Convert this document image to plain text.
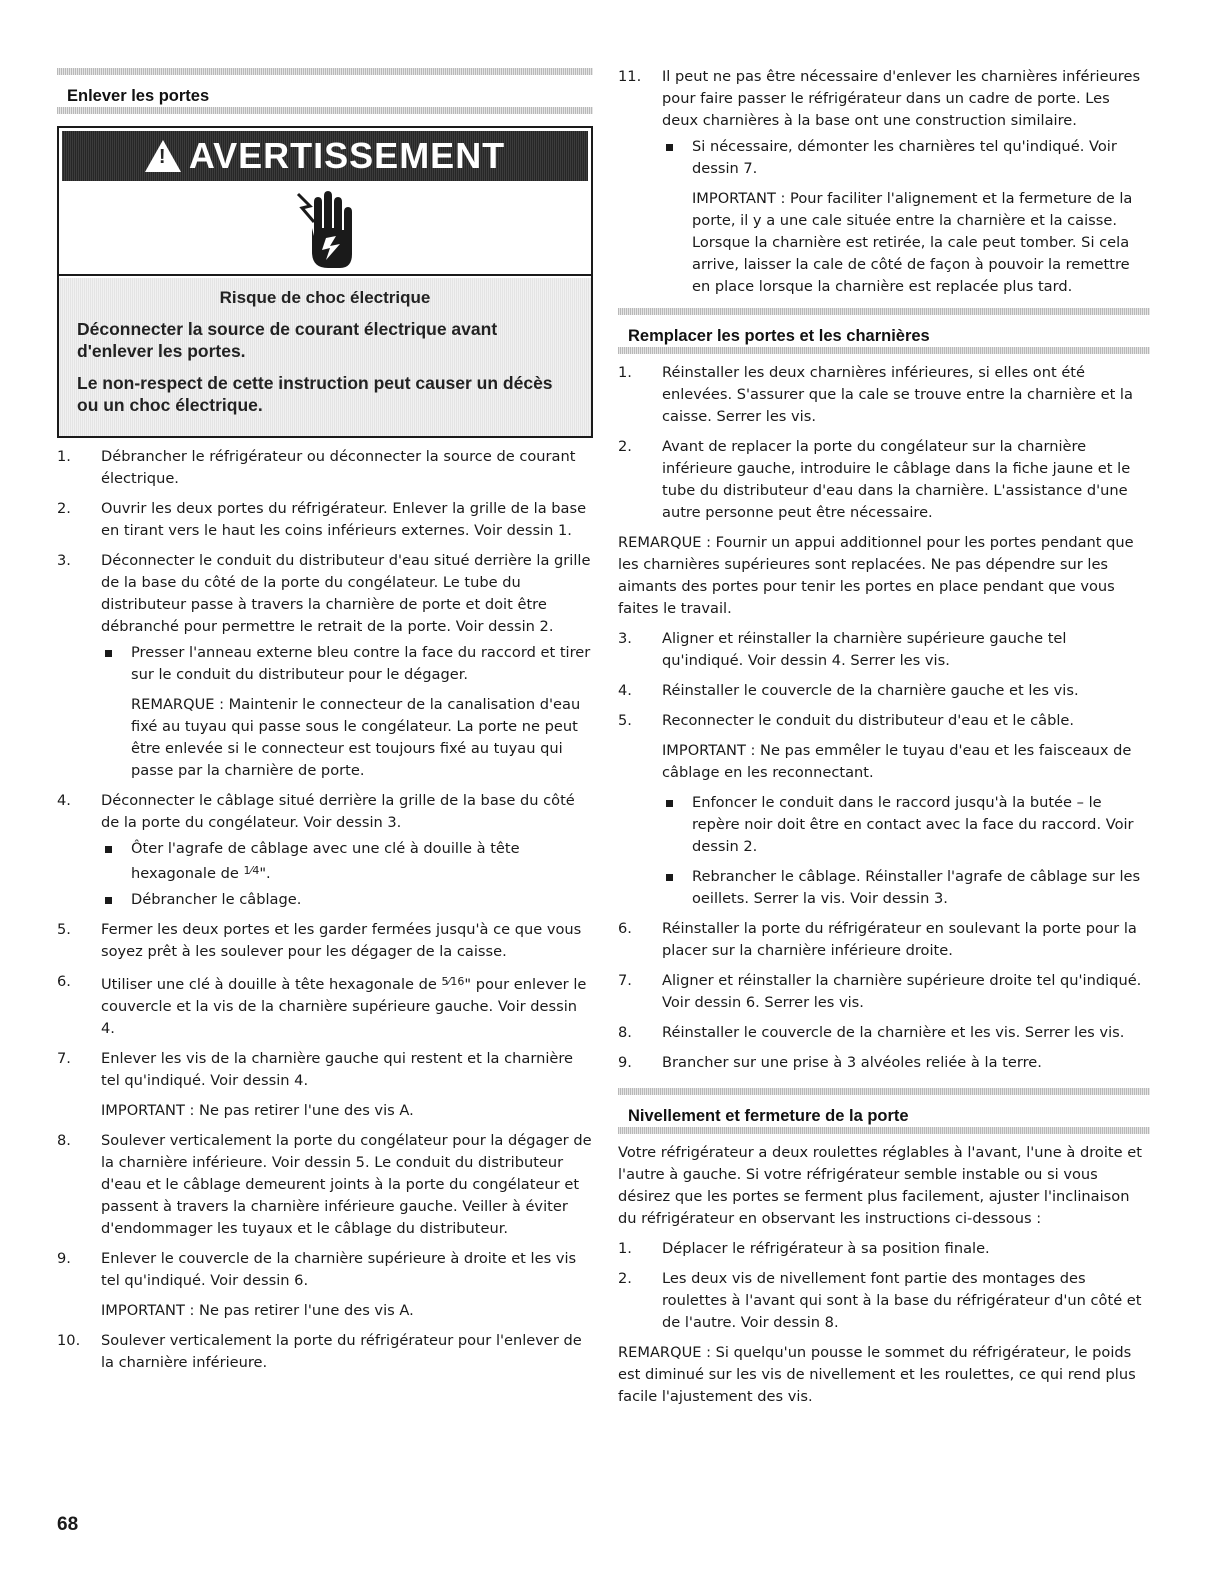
Enlever les portes
! AVERTISSEMENT
Risque de choc électrique
Déconnecter la source de courant électrique avant d'enlever les portes.
Le non-respect de cette instruction peut causer un décès ou un choc électrique.
1. Débrancher le réfrigérateur ou déconnecter la source de courant électrique.
2. Ouvrir les deux portes du réfrigérateur. Enlever la grille de la base en tirant vers le haut les coins inférieurs externes. Voir dessin 1.
3. Déconnecter le conduit du distributeur d'eau situé derrière la grille de la base du côté de la porte du congélateur. Le tube du distributeur passe à travers la charnière de porte et doit être débranché pour permettre le retrait de la porte. Voir dessin 2.
Presser l'anneau externe bleu contre la face du raccord et tirer sur le conduit du distributeur pour le dégager.
REMARQUE : Maintenir le connecteur de la canalisation d'eau fixé au tuyau qui passe sous le congélateur. La porte ne peut être enlevée si le connecteur est toujours fixé au tuyau qui passe par la charnière de porte.
4. Déconnecter le câblage situé derrière la grille de la base du côté de la porte du congélateur. Voir dessin 3.
Ôter l'agrafe de câblage avec une clé à douille à tête hexagonale de $^{1⁄4}$".
Débrancher le câblage.
5. Fermer les deux portes et les garder fermées jusqu'à ce que vous soyez prêt à les soulever pour les dégager de la caisse.
6. Utiliser une clé à douille à tête hexagonale de $^{5⁄16}$" pour enlever le couvercle et la vis de la charnière supérieure gauche. Voir dessin 4.
7. Enlever les vis de la charnière gauche qui restent et la charnière tel qu'indiqué. Voir dessin 4.
IMPORTANT : Ne pas retirer l'une des vis A.
8. Soulever verticalement la porte du congélateur pour la dégager de la charnière inférieure. Voir dessin 5. Le conduit du distributeur d'eau et le câblage demeurent joints à la porte du congélateur et passent à travers la charnière inférieure gauche. Veiller à éviter d'endommager les tuyaux et le câblage du distributeur.
9. Enlever le couvercle de la charnière supérieure à droite et les vis tel qu'indiqué. Voir dessin 6.
IMPORTANT : Ne pas retirer l'une des vis A.
10. Soulever verticalement la porte du réfrigérateur pour l'enlever de la charnière inférieure.
11. Il peut ne pas être nécessaire d'enlever les charnières inférieures pour faire passer le réfrigérateur dans un cadre de porte. Les deux charnières à la base ont une construction similaire.
Si nécessaire, démonter les charnières tel qu'indiqué. Voir dessin 7.
IMPORTANT : Pour faciliter l'alignement et la fermeture de la porte, il y a une cale située entre la charnière et la caisse. Lorsque la charnière est retirée, la cale peut tomber. Si cela arrive, laisser la cale de côté de façon à pouvoir la remettre en place lorsque la charnière est replacée plus tard.
Remplacer les portes et les charnières
1. Réinstaller les deux charnières inférieures, si elles ont été enlevées. S'assurer que la cale se trouve entre la charnière et la caisse. Serrer les vis.
2. Avant de replacer la porte du congélateur sur la charnière inférieure gauche, introduire le câblage dans la fiche jaune et le tube du distributeur d'eau dans la charnière. L'assistance d'une autre personne peut être nécessaire.
REMARQUE : Fournir un appui additionnel pour les portes pendant que les charnières supérieures sont replacées. Ne pas dépendre sur les aimants des portes pour tenir les portes en place pendant que vous faites le travail.
3. Aligner et réinstaller la charnière supérieure gauche tel qu'indiqué. Voir dessin 4. Serrer les vis.
4. Réinstaller le couvercle de la charnière gauche et les vis.
5. Reconnecter le conduit du distributeur d'eau et le câble.
IMPORTANT : Ne pas emmêler le tuyau d'eau et les faisceaux de câblage en les reconnectant.
Enfoncer le conduit dans le raccord jusqu'à la butée – le repère noir doit être en contact avec la face du raccord. Voir dessin 2.
Rebrancher le câblage. Réinstaller l'agrafe de câblage sur les oeillets. Serrer la vis. Voir dessin 3.
6. Réinstaller la porte du réfrigérateur en soulevant la porte pour la placer sur la charnière inférieure droite.
7. Aligner et réinstaller la charnière supérieure droite tel qu'indiqué. Voir dessin 6. Serrer les vis.
8. Réinstaller le couvercle de la charnière et les vis. Serrer les vis.
9. Brancher sur une prise à 3 alvéoles reliée à la terre.
Nivellement et fermeture de la porte
Votre réfrigérateur a deux roulettes réglables à l'avant, l'une à droite et l'autre à gauche. Si votre réfrigérateur semble instable ou si vous désirez que les portes se ferment plus facilement, ajuster l'inclinaison du réfrigérateur en observant les instructions ci-dessous :
1. Déplacer le réfrigérateur à sa position finale.
2. Les deux vis de nivellement font partie des montages des roulettes à l'avant qui sont à la base du réfrigérateur d'un côté et de l'autre. Voir dessin 8.
REMARQUE : Si quelqu'un pousse le sommet du réfrigérateur, le poids est diminué sur les vis de nivellement et les roulettes, ce qui rend plus facile l'ajustement des vis.
68
